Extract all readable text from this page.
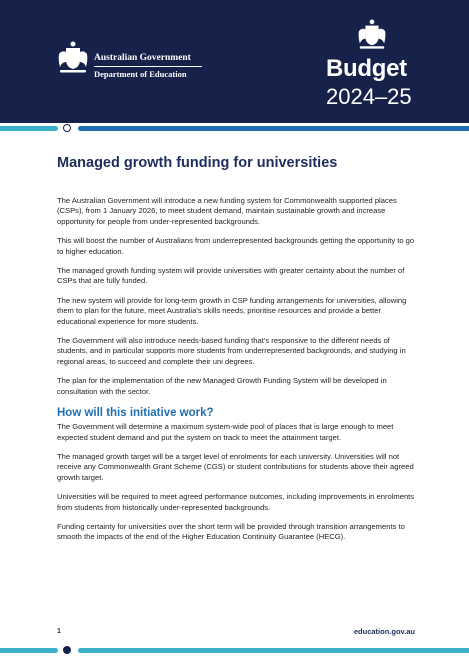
Australian Government
Department of Education	Budget
2024–25
Managed growth funding for universities

The Australian Government will introduce a new funding system for Commonwealth supported places (CSPs), from 1 January 2026, to meet student demand, maintain sustainable growth and increase opportunity for people from under-represented backgrounds.

This will boost the number of Australians from underrepresented backgrounds getting the opportunity to go to higher education.

The managed growth funding system will provide universities with greater certainty about the number of CSPs that are fully funded.

The new system will provide for long-term growth in CSP funding arrangements for universities, allowing them to plan for the future, meet Australia’s skills needs, prioritise resources and provide a better educational experience for more students.

The Government will also introduce needs-based funding that’s responsive to the different needs of students, and in particular supports more students from underrepresented backgrounds, and studying in regional areas, to succeed and complete their uni degrees.

The plan for the implementation of the new Managed Growth Funding System will be developed in consultation with the sector.

How will this initiative work?

The Government will determine a maximum system-wide pool of places that is large enough to meet expected student demand and put the system on track to meet the attainment target.

The managed growth target will be a target level of enrolments for each university. Universities will not receive any Commonwealth Grant Scheme (CGS) or student contributions for students above their agreed growth target.

Universities will be required to meet agreed performance outcomes, including improvements in enrolments from students from historically under-represented backgrounds.

Funding certainty for universities over the short term will be provided through transition arrangements to smooth the impacts of the end of the Higher Education Continuity Guarantee (HECG).

1	education.gov.au
